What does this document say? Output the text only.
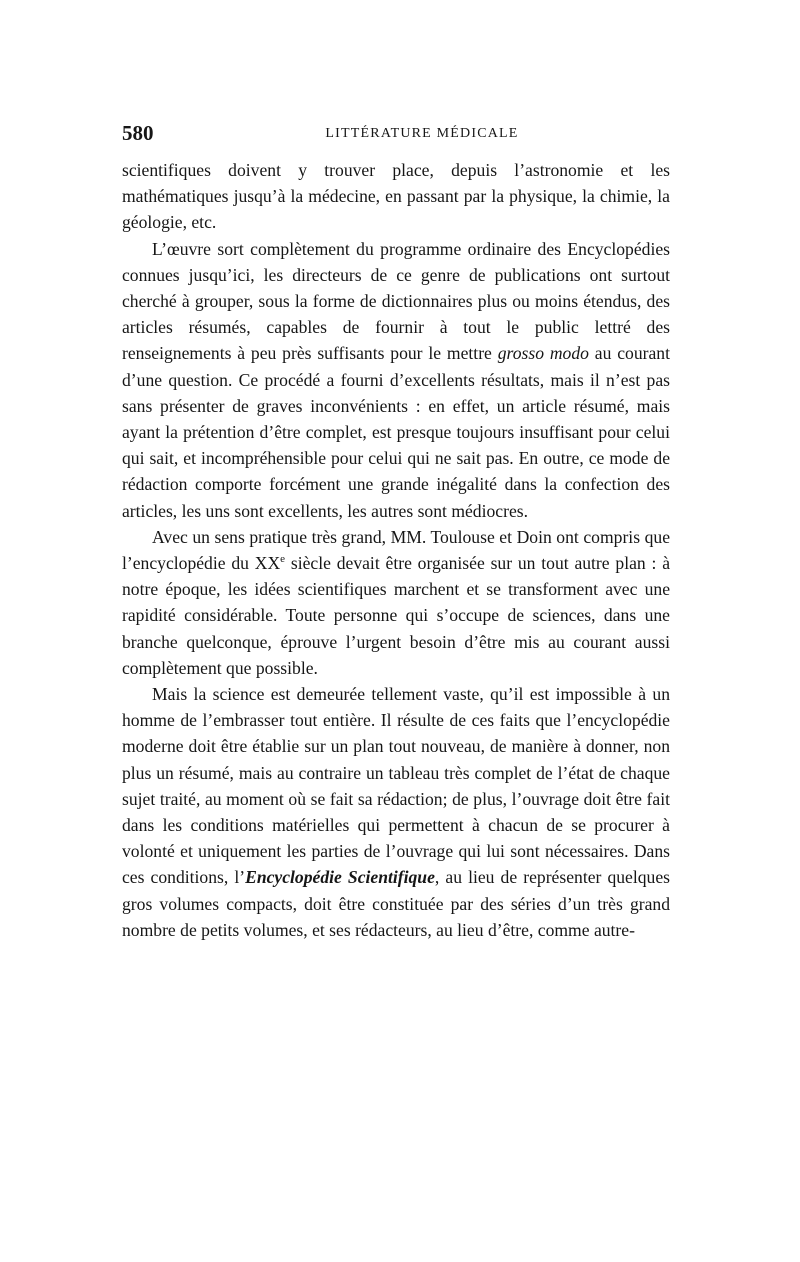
580	LITTÉRATURE MÉDICALE

scientifiques doivent y trouver place, depuis l’astronomie et les mathématiques jusqu’à la médecine, en passant par la physique, la chimie, la géologie, etc.

L’œuvre sort complètement du programme ordinaire des Encyclopédies connues jusqu’ici, les directeurs de ce genre de publications ont surtout cherché à grouper, sous la forme de dictionnaires plus ou moins étendus, des articles résumés, capables de fournir à tout le public lettré des renseignements à peu près suffisants pour le mettre grosso modo au courant d’une question. Ce procédé a fourni d’excellents résultats, mais il n’est pas sans présenter de graves inconvénients : en effet, un article résumé, mais ayant la prétention d’être complet, est presque toujours insuffisant pour celui qui sait, et incompréhensible pour celui qui ne sait pas. En outre, ce mode de rédaction comporte forcément une grande inégalité dans la confection des articles, les uns sont excellents, les autres sont médiocres.

Avec un sens pratique très grand, MM. Toulouse et Doin ont compris que l’encyclopédie du XXe siècle devait être organisée sur un tout autre plan : à notre époque, les idées scientifiques marchent et se transforment avec une rapidité considérable. Toute personne qui s’occupe de sciences, dans une branche quelconque, éprouve l’urgent besoin d’être mis au courant aussi complètement que possible.

Mais la science est demeurée tellement vaste, qu’il est impossible à un homme de l’embrasser tout entière. Il résulte de ces faits que l’encyclopédie moderne doit être établie sur un plan tout nouveau, de manière à donner, non plus un résumé, mais au contraire un tableau très complet de l’état de chaque sujet traité, au moment où se fait sa rédaction; de plus, l’ouvrage doit être fait dans les conditions matérielles qui permettent à chacun de se procurer à volonté et uniquement les parties de l’ouvrage qui lui sont nécessaires. Dans ces conditions, l’Encyclopédie Scientifique, au lieu de représenter quelques gros volumes compacts, doit être constituée par des séries d’un très grand nombre de petits volumes, et ses rédacteurs, au lieu d’être, comme autre-
